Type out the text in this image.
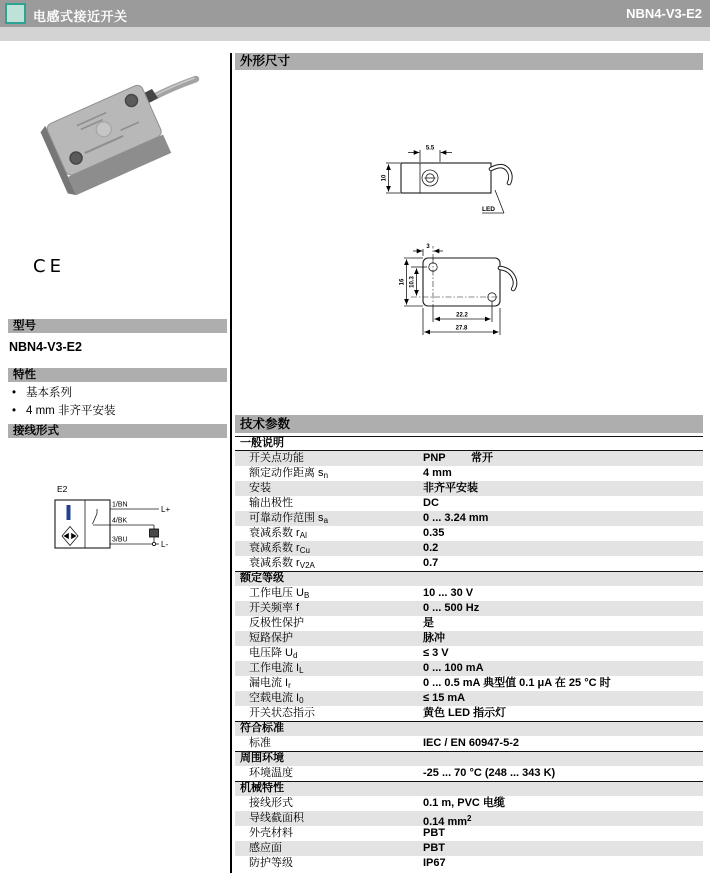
电感式接近开关	NBN4-V3-E2
CE
型号
NBN4-V3-E2
特性
• 基本系列
• 4 mm 非齐平安装
接线形式
E2
1/BN	L+
4/BK
3/BU	L-
外形尺寸
5.5
10
LED
3
16 10.3
22.2
27.8
技术参数
一般说明
开关点功能	PNP 常开
额定动作距离 $s_n$	4 mm
安装	非齐平安装
输出极性	DC
可靠动作范围 $s_a$	0 ... 3.24 mm
衰减系数 $r_{Al}$	0.35
衰减系数 $r_{Cu}$	0.2
衰减系数 $r_{V2A}$	0.7
额定等级
工作电压 $U_B$	10 ... 30 V
开关频率 f	0 ... 500 Hz
反极性保护	是
短路保护	脉冲
电压降 $U_d$	≤ 3 V
工作电流 $I_L$	0 ... 100 mA
漏电流 $I_r$	0 ... 0.5 mA 典型值 0.1 μA 在 25 °C 时
空载电流 $I_0$	≤ 15 mA
开关状态指示	黄色 LED 指示灯
符合标准
标准	IEC / EN 60947-5-2
周围环境
环境温度	-25 ... 70 °C (248 ... 343 K)
机械特性
接线形式	0.1 m, PVC 电缆
导线截面积	0.14 $mm^2$
外壳材料	PBT
感应面	PBT
防护等级	IP67
